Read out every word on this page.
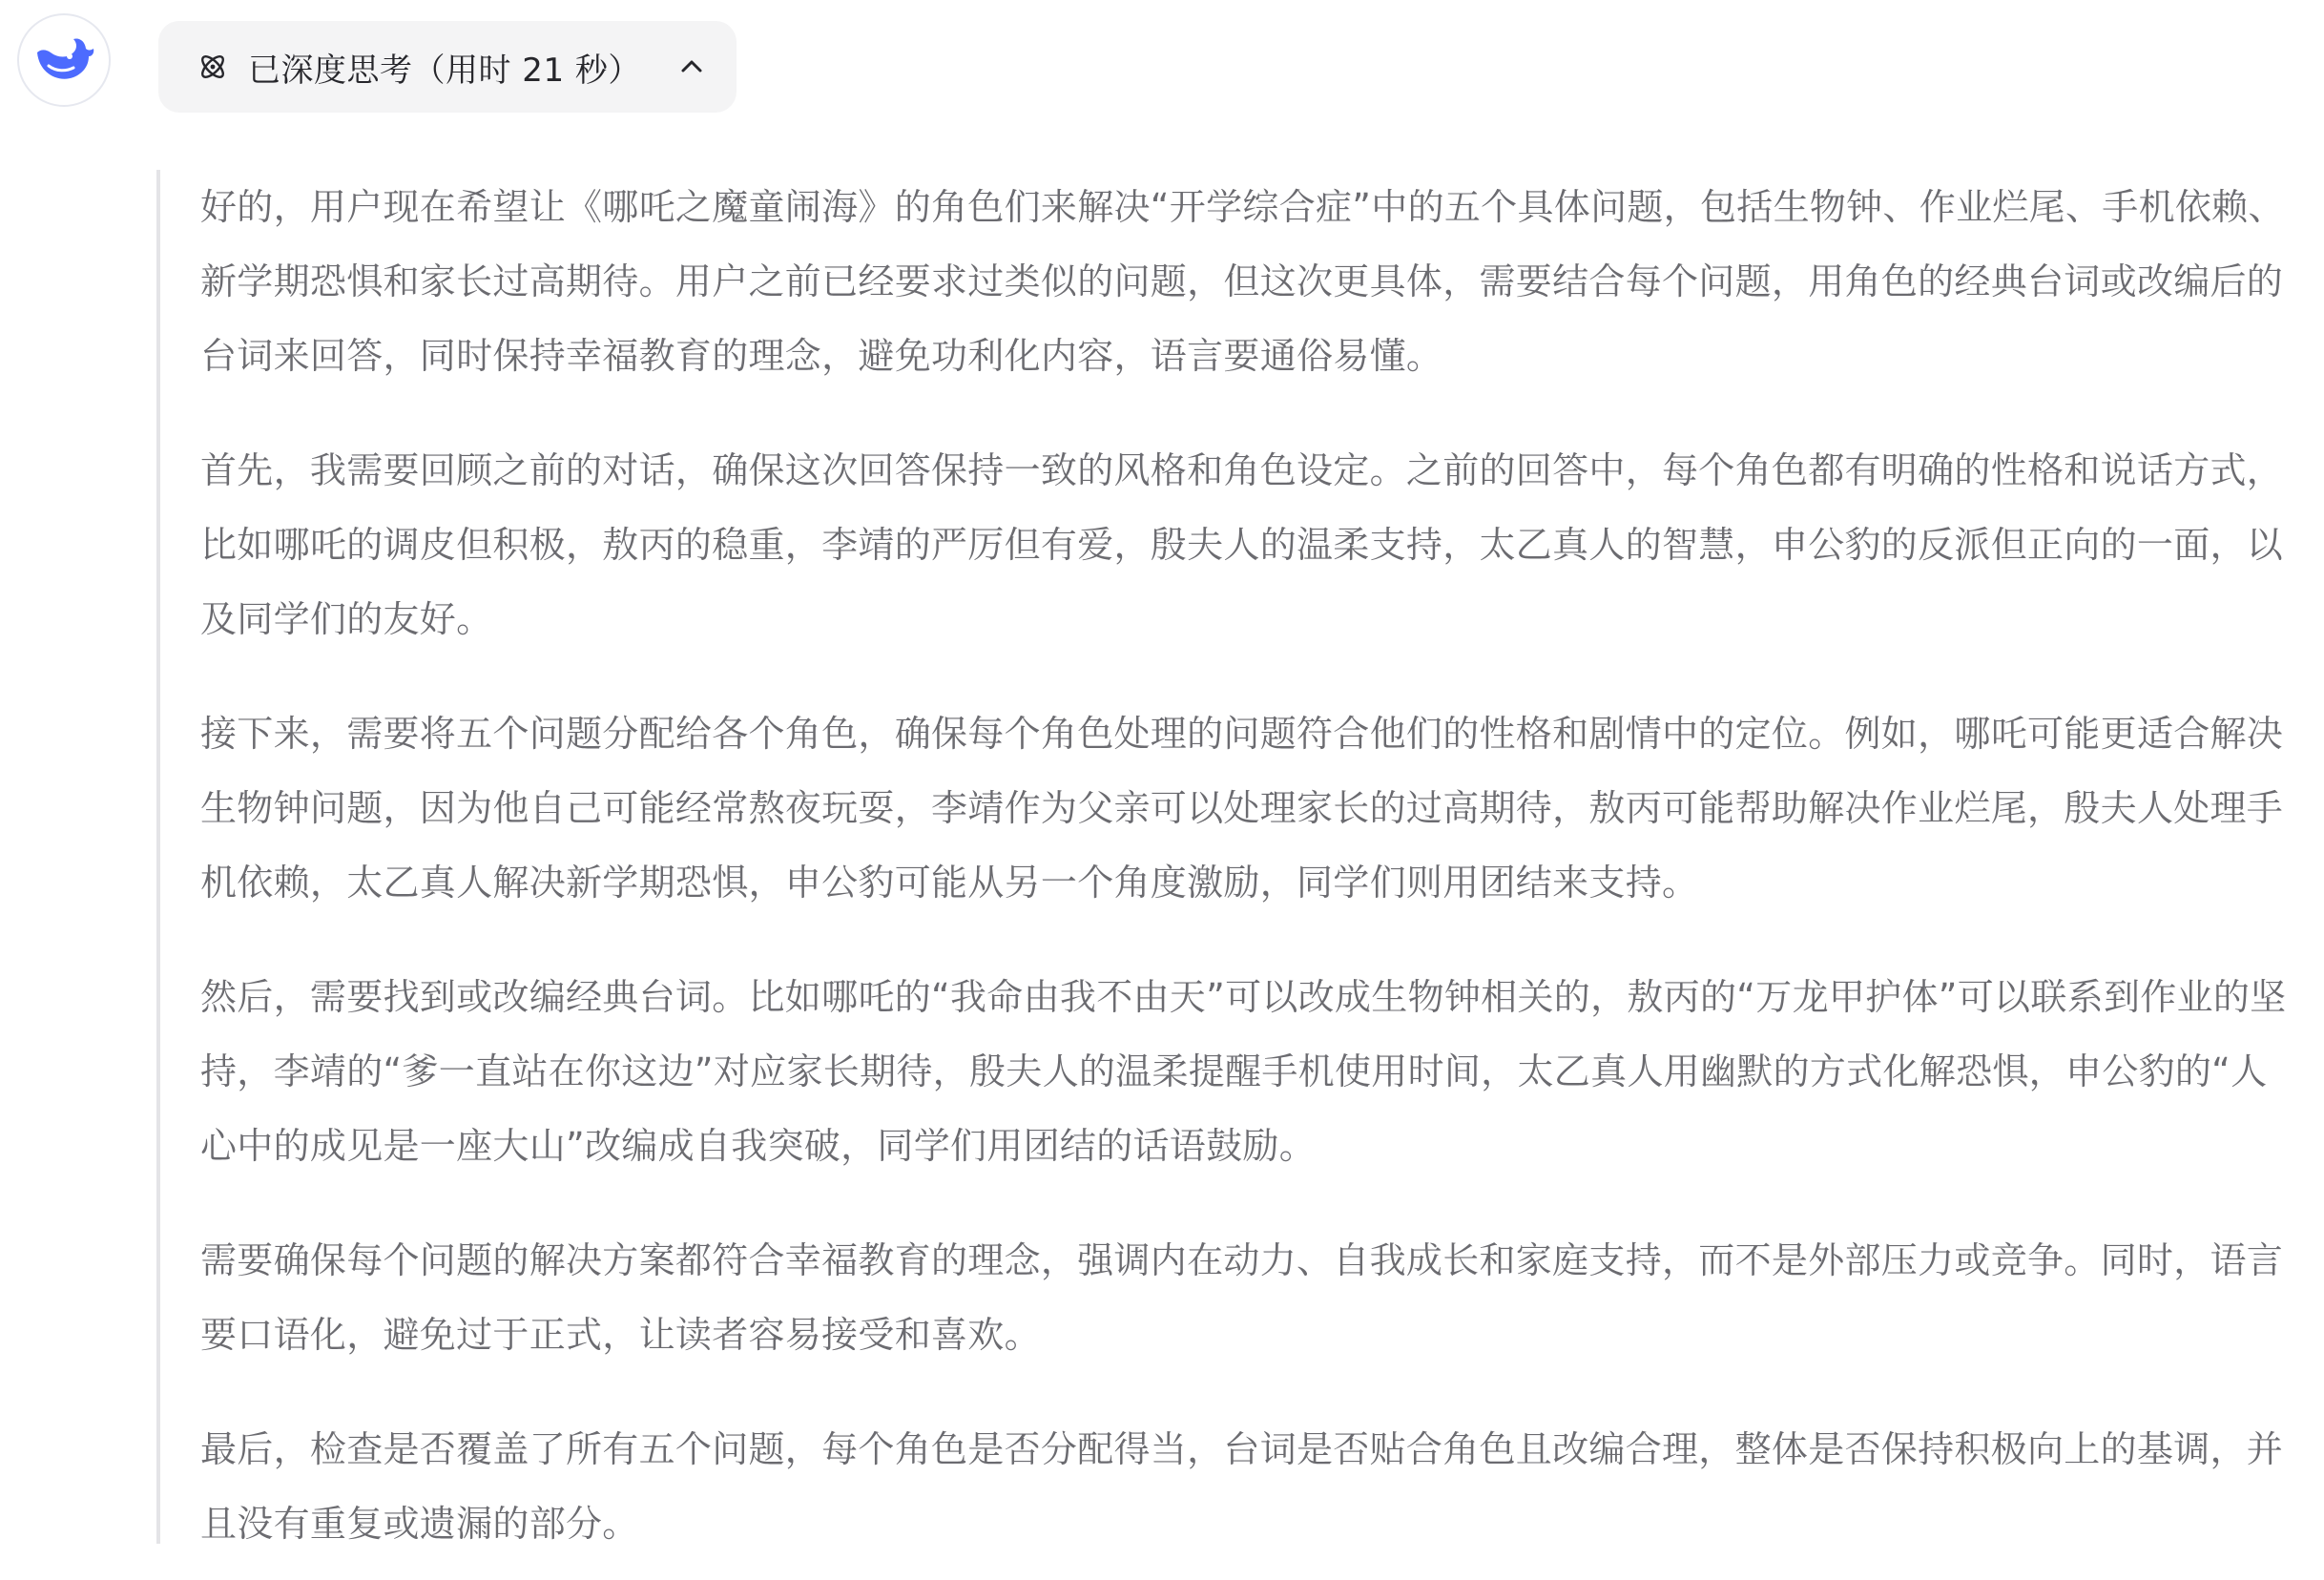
已深度思考（用时 21 秒）

好的，用户现在希望让《哪吒之魔童闹海》的角色们来解决“开学综合症”中的五个具体问题，包括生物钟、作业烂尾、手机依赖、新学期恐惧和家长过高期待。用户之前已经要求过类似的问题，但这次更具体，需要结合每个问题，用角色的经典台词或改编后的台词来回答，同时保持幸福教育的理念，避免功利化内容，语言要通俗易懂。

首先，我需要回顾之前的对话，确保这次回答保持一致的风格和角色设定。之前的回答中，每个角色都有明确的性格和说话方式，比如哪吒的调皮但积极，敖丙的稳重，李靖的严厉但有爱，殷夫人的温柔支持，太乙真人的智慧，申公豹的反派但正向的一面，以及同学们的友好。

接下来，需要将五个问题分配给各个角色，确保每个角色处理的问题符合他们的性格和剧情中的定位。例如，哪吒可能更适合解决生物钟问题，因为他自己可能经常熬夜玩耍，李靖作为父亲可以处理家长的过高期待，敖丙可能帮助解决作业烂尾，殷夫人处理手机依赖，太乙真人解决新学期恐惧，申公豹可能从另一个角度激励，同学们则用团结来支持。

然后，需要找到或改编经典台词。比如哪吒的“我命由我不由天”可以改成生物钟相关的，敖丙的“万龙甲护体”可以联系到作业的坚持，李靖的“爹一直站在你这边”对应家长期待，殷夫人的温柔提醒手机使用时间，太乙真人用幽默的方式化解恐惧，申公豹的“人心中的成见是一座大山”改编成自我突破，同学们用团结的话语鼓励。

需要确保每个问题的解决方案都符合幸福教育的理念，强调内在动力、自我成长和家庭支持，而不是外部压力或竞争。同时，语言要口语化，避免过于正式，让读者容易接受和喜欢。

最后，检查是否覆盖了所有五个问题，每个角色是否分配得当，台词是否贴合角色且改编合理，整体是否保持积极向上的基调，并且没有重复或遗漏的部分。
